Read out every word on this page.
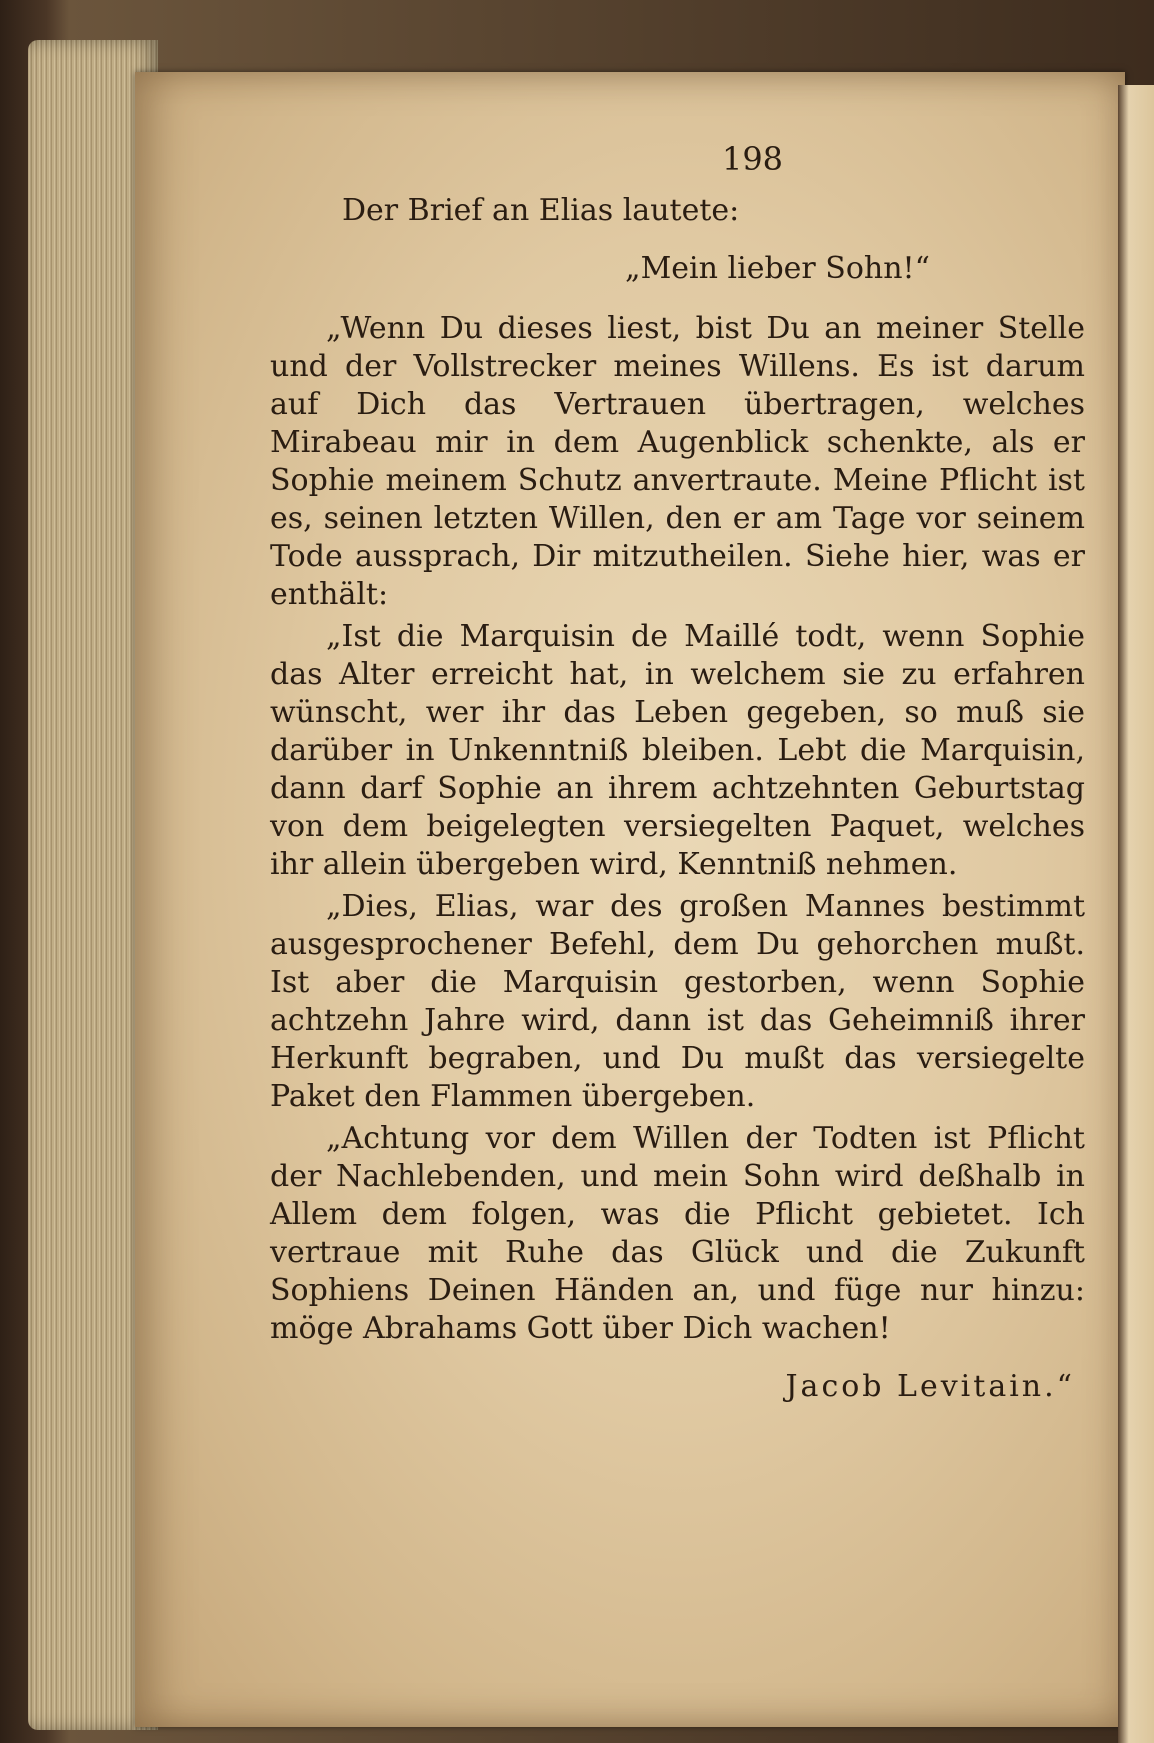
198

Der Brief an Elias lautete:

„Mein lieber Sohn!“

„Wenn Du dieses liest, bist Du an meiner Stelle und der Vollstrecker meines Willens. Es ist darum auf Dich das Vertrauen übertragen, welches Mirabeau mir in dem Augenblick schenkte, als er Sophie meinem Schutz anvertraute. Meine Pflicht ist es, seinen letzten Willen, den er am Tage vor seinem Tode aussprach, Dir mitzutheilen. Siehe hier, was er enthält:

„Ist die Marquisin de Maillé todt, wenn Sophie das Alter erreicht hat, in welchem sie zu erfahren wünscht, wer ihr das Leben gegeben, so muß sie darüber in Unkenntniß bleiben. Lebt die Marquisin, dann darf Sophie an ihrem achtzehnten Geburtstag von dem beigelegten versiegelten Paquet, welches ihr allein übergeben wird, Kenntniß nehmen.

„Dies, Elias, war des großen Mannes bestimmt ausgesprochener Befehl, dem Du gehorchen mußt. Ist aber die Marquisin gestorben, wenn Sophie achtzehn Jahre wird, dann ist das Geheimniß ihrer Herkunft begraben, und Du mußt das versiegelte Paket den Flammen übergeben.

„Achtung vor dem Willen der Todten ist Pflicht der Nachlebenden, und mein Sohn wird deßhalb in Allem dem folgen, was die Pflicht gebietet. Ich vertraue mit Ruhe das Glück und die Zukunft Sophiens Deinen Händen an, und füge nur hinzu: möge Abrahams Gott über Dich wachen!

Jacob Levitain.“
